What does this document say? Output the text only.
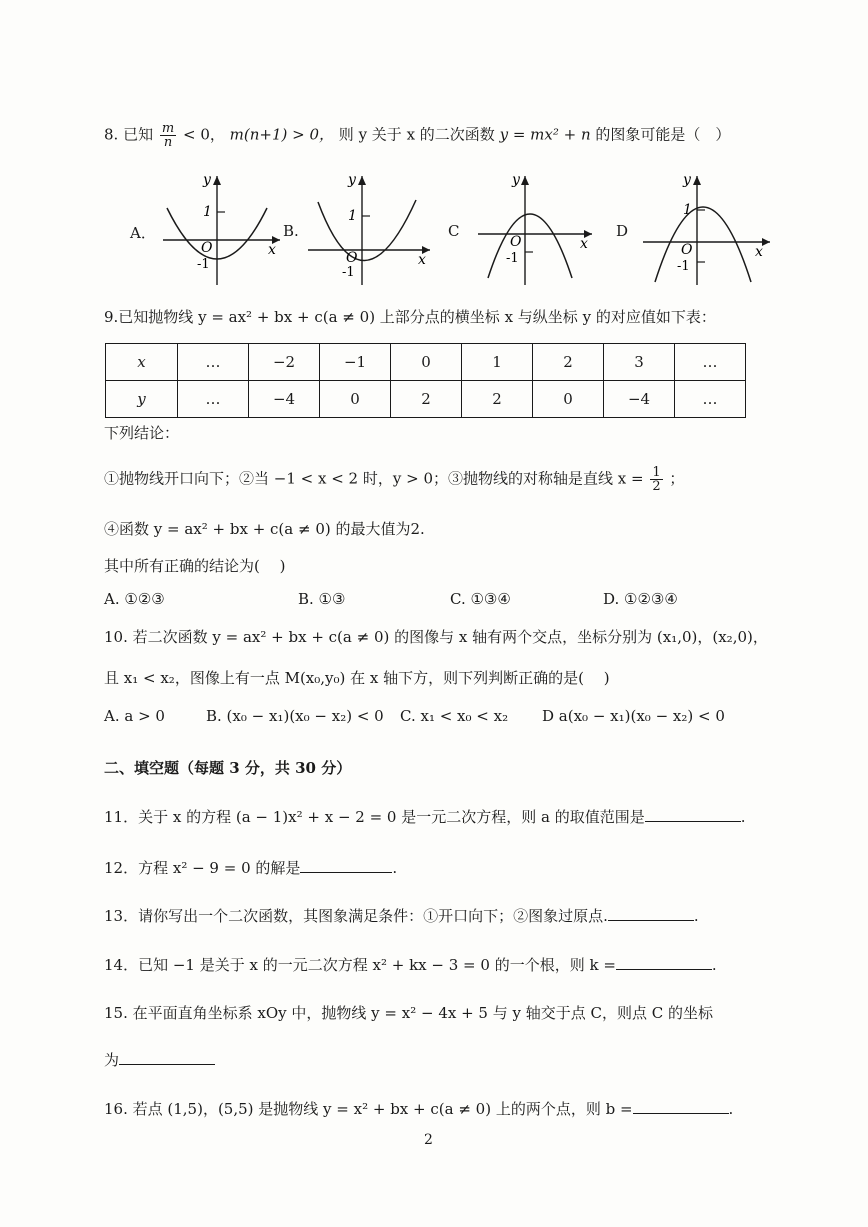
8. 已知 $\frac{m}{n} < 0$， m(n+1) > 0， 则 y 关于 x 的二次函数 y = mx² + n 的图象可能是（　）
A．
1
O
-1
x
y
B.
1
O
-1
x
y
C
O
-1
x
y
D
1
O
-1
x
y
9.已知抛物线 y = ax² + bx + c(a ≠ 0) 上部分点的横坐标 x 与纵坐标 y 的对应值如下表：
x	…	−2	−1	0	1	2	3	…
y	…	−4	0	2	2	0	−4	…
下列结论：
①抛物线开口向下；②当 −1 < x < 2 时，y > 0；③抛物线的对称轴是直线 $x = \frac{1}{2}$ ；
④函数 y = ax² + bx + c(a ≠ 0) 的最大值为2.
其中所有正确的结论为(　 )
A. ①②③	B. ①③	C. ①③④	D. ①②③④
10. 若二次函数 y = ax² + bx + c(a ≠ 0) 的图像与 x 轴有两个交点，坐标分别为 (x₁,0)，(x₂,0)，
且 x₁ < x₂，图像上有一点 M(x₀,y₀) 在 x 轴下方，则下列判断正确的是(　 )
A. a > 0	B. (x₀ − x₁)(x₀ − x₂) < 0 C. x₁ < x₀ < x₂ D a(x₀ − x₁)(x₀ − x₂) < 0
二、填空题（每题 3 分，共 30 分）
11．关于 x 的方程 (a − 1)x² + x − 2 = 0 是一元二次方程，则 a 的取值范围是	.
12．方程 x² − 9 = 0 的解是	.
13．请你写出一个二次函数，其图象满足条件：①开口向下；②图象过原点.	.
14．已知 −1 是关于 x 的一元二次方程 x² + kx − 3 = 0 的一个根，则 k =	.
15. 在平面直角坐标系 xOy 中，抛物线 y = x² − 4x + 5 与 y 轴交于点 C，则点 C 的坐标
为
16. 若点 (1,5)，(5,5) 是抛物线 y = x² + bx + c(a ≠ 0) 上的两个点，则 b =	.
2
